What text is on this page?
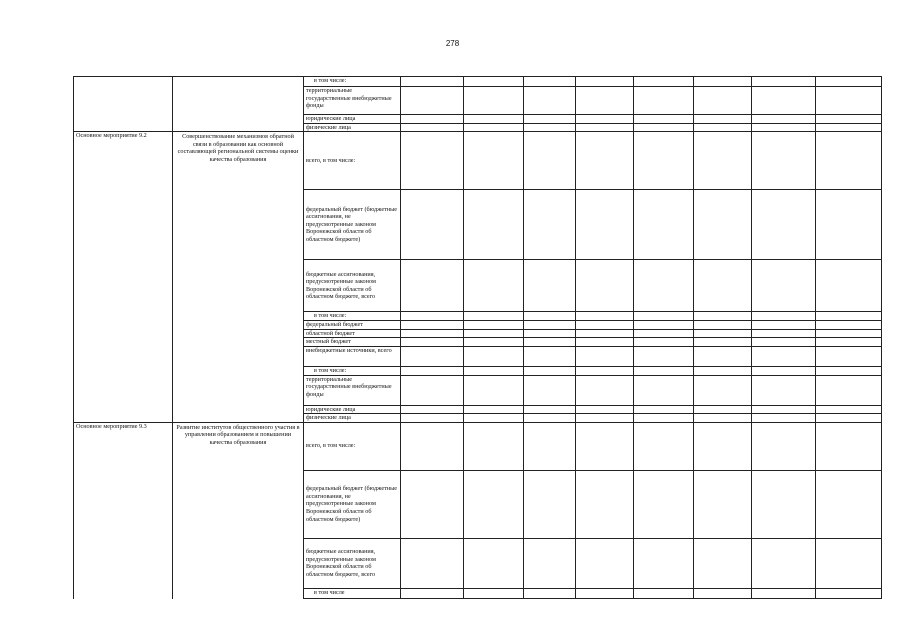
278
		в том числе:								
		территориальные государственные внебюджетные фонды								
		юридические лица								
		физические лица								
Основное мероприятие 9.2	Совершенствование механизмов обратной связи в образовании как основной составляющей региональной системы оценки качества образования	всего, в том числе:								
		федеральный бюджет (бюджетные ассигнования, не предусмотренные законом Воронежской области об областном бюджете)								
		бюджетные ассигнования, предусмотренные законом Воронежской области об областном бюджете, всего								
		в том числе:								
		федеральный бюджет								
		областной бюджет								
		местный бюджет								
		внебюджетные источники, всего								
		в том числе:								
		территориальные государственные внебюджетные фонды								
		юридические лица								
		физические лица								
Основное мероприятие 9.3	Развитие институтов общественного участия в управлении образованием и повышении качества образования	всего, в том числе:								
		федеральный бюджет (бюджетные ассигнования, не предусмотренные законом Воронежской области об областном бюджете)								
		бюджетные ассигнования, предусмотренные законом Воронежской области об областном бюджете, всего								
		в том числе								
